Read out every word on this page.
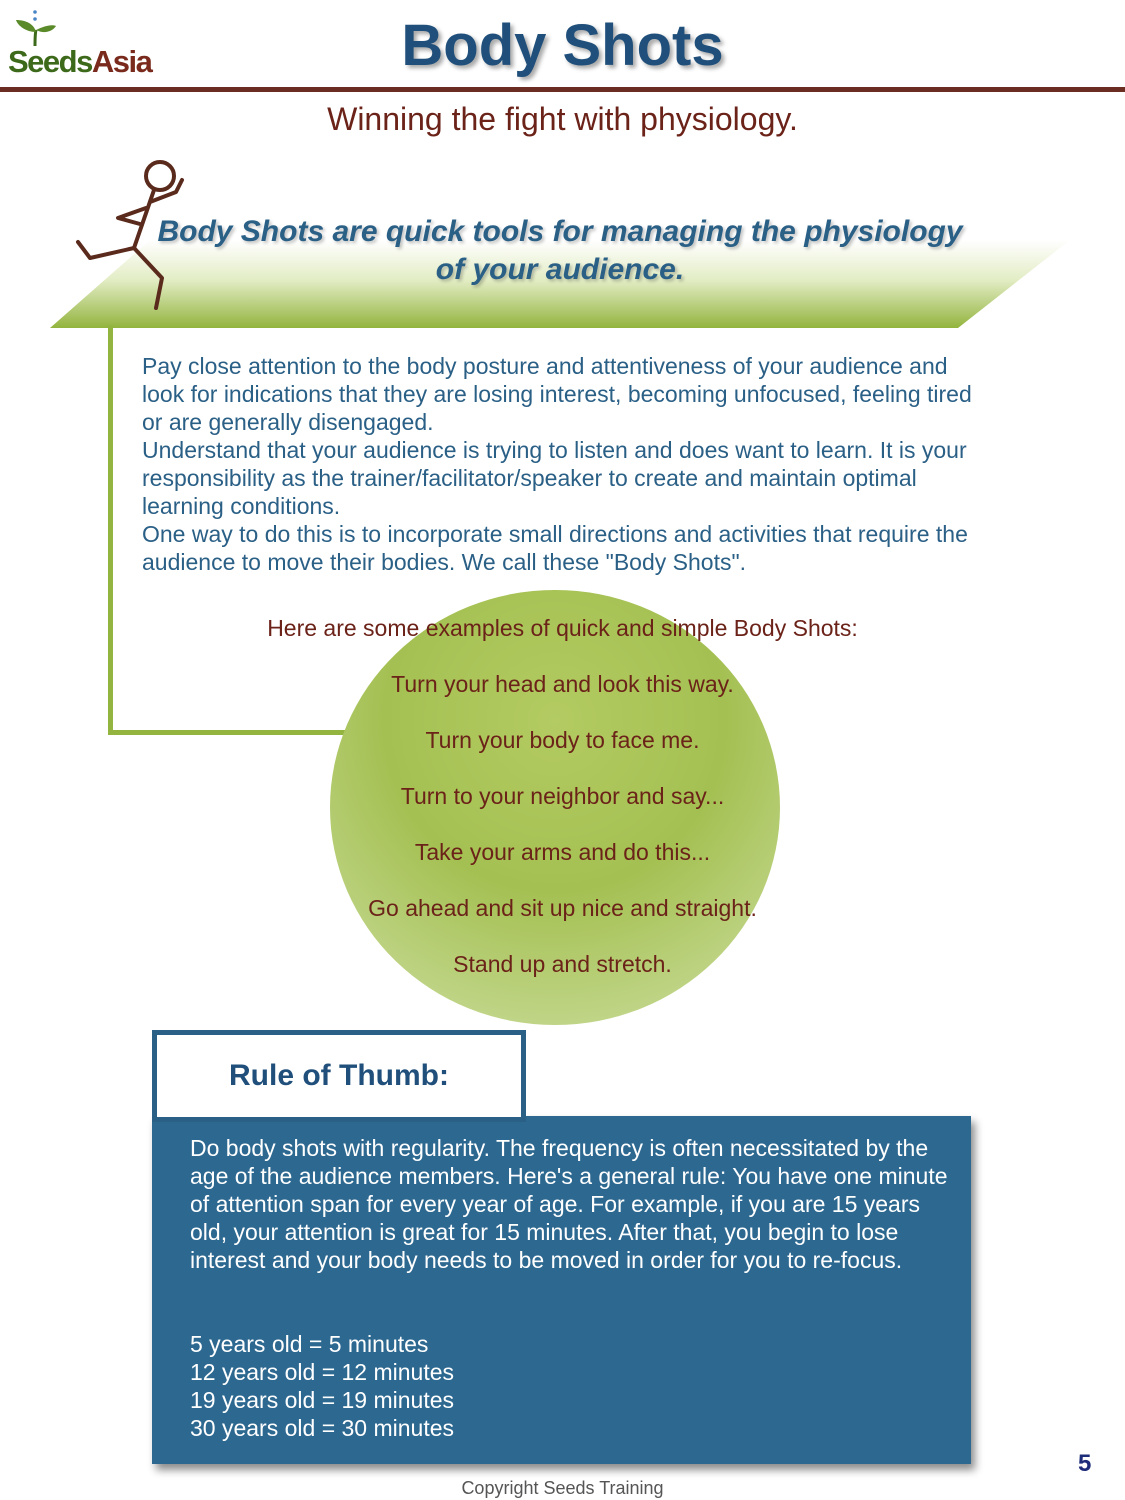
SeedsAsia	Body Shots
Winning the fight with physiology.
Body Shots are quick tools for managing the physiology of your audience.

Pay close attention to the body posture and attentiveness of your audience and look for indications that they are losing interest, becoming unfocused, feeling tired or are generally disengaged.

Understand that your audience is trying to listen and does want to learn. It is your responsibility as the trainer/facilitator/speaker to create and maintain optimal learning conditions.

One way to do this is to incorporate small directions and activities that require the audience to move their bodies. We call these "Body Shots".

Here are some examples of quick and simple Body Shots:
Turn your head and look this way.
Turn your body to face me.
Turn to your neighbor and say...
Take your arms and do this...
Go ahead and sit up nice and straight.
Stand up and stretch.
Rule of Thumb:

Do body shots with regularity. The frequency is often necessitated by the age of the audience members. Here's a general rule: You have one minute of attention span for every year of age. For example, if you are 15 years old, your attention is great for 15 minutes. After that, you begin to lose interest and your body needs to be moved in order for you to re-focus.

5 years old = 5 minutes
12 years old = 12 minutes
19 years old = 19 minutes
30 years old = 30 minutes
5
Copyright Seeds Training
